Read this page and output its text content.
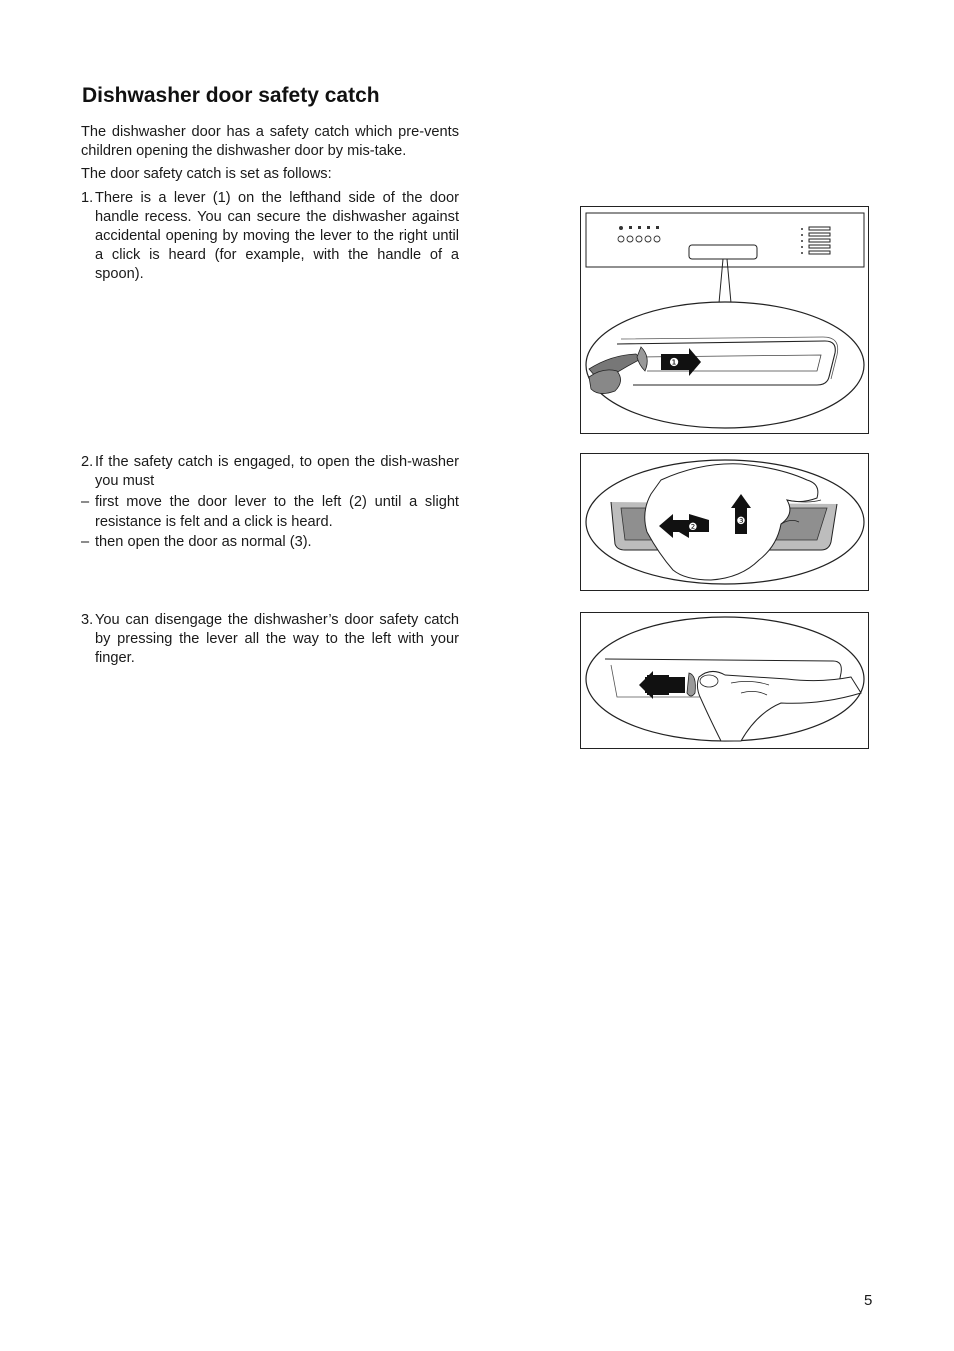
Dishwasher door safety catch

The dishwasher door has a safety catch which pre-vents children opening the dishwasher door by mis-take.

The door safety catch is set as follows:

1. There is a lever (1) on the lefthand side of the door handle recess. You can secure the dishwasher against accidental opening by moving the lever to the right until a click is heard (for example, with the handle of a spoon).
2. If the safety catch is engaged, to open the dish-washer you must
– first move the door lever to the left (2) until a slight resistance is felt and a click is heard.
– then open the door as normal (3).
3. You can disengage the dishwasher’s door safety catch by pressing the lever all the way to the left with your finger.
❶
❷
❸
5
